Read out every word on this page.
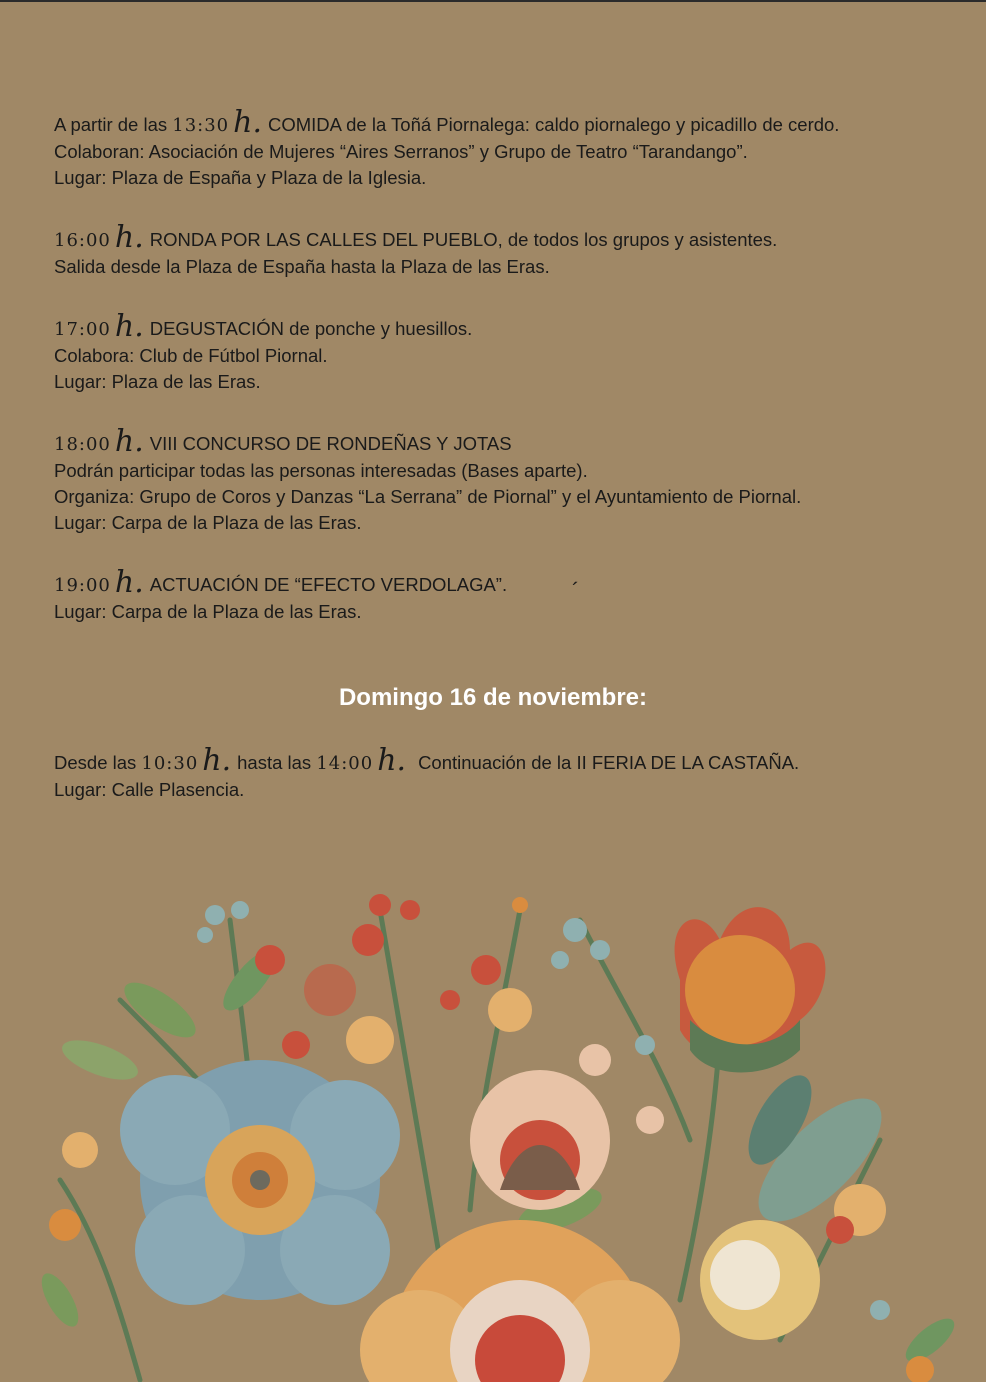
A partir de las 13:30 h. COMIDA de la Toñá Piornalega: caldo piornalego y picadillo de cerdo.
Colaboran: Asociación de Mujeres “Aires Serranos” y Grupo de Teatro “Tarandango”.
Lugar: Plaza de España y Plaza de la Iglesia.
16:00 h. RONDA POR LAS CALLES DEL PUEBLO, de todos los grupos y asistentes.
Salida desde la Plaza de España hasta la Plaza de las Eras.
17:00 h. DEGUSTACIÓN de ponche y huesillos.
Colabora: Club de Fútbol Piornal.
Lugar: Plaza de las Eras.
18:00 h. VIII CONCURSO DE RONDEÑAS Y JOTAS
Podrán participar todas las personas interesadas (Bases aparte).
Organiza: Grupo de Coros y Danzas “La Serrana” de Piornal” y el Ayuntamiento de Piornal.
Lugar: Carpa de la Plaza de las Eras.
19:00 h. ACTUACIÓN DE “EFECTO VERDOLAGA”.
Lugar: Carpa de la Plaza de las Eras.
´
Domingo 16 de noviembre:
Desde las 10:30 h. hasta las 14:00 h. Continuación de la II FERIA DE LA CASTAÑA.
Lugar: Calle Plasencia.
